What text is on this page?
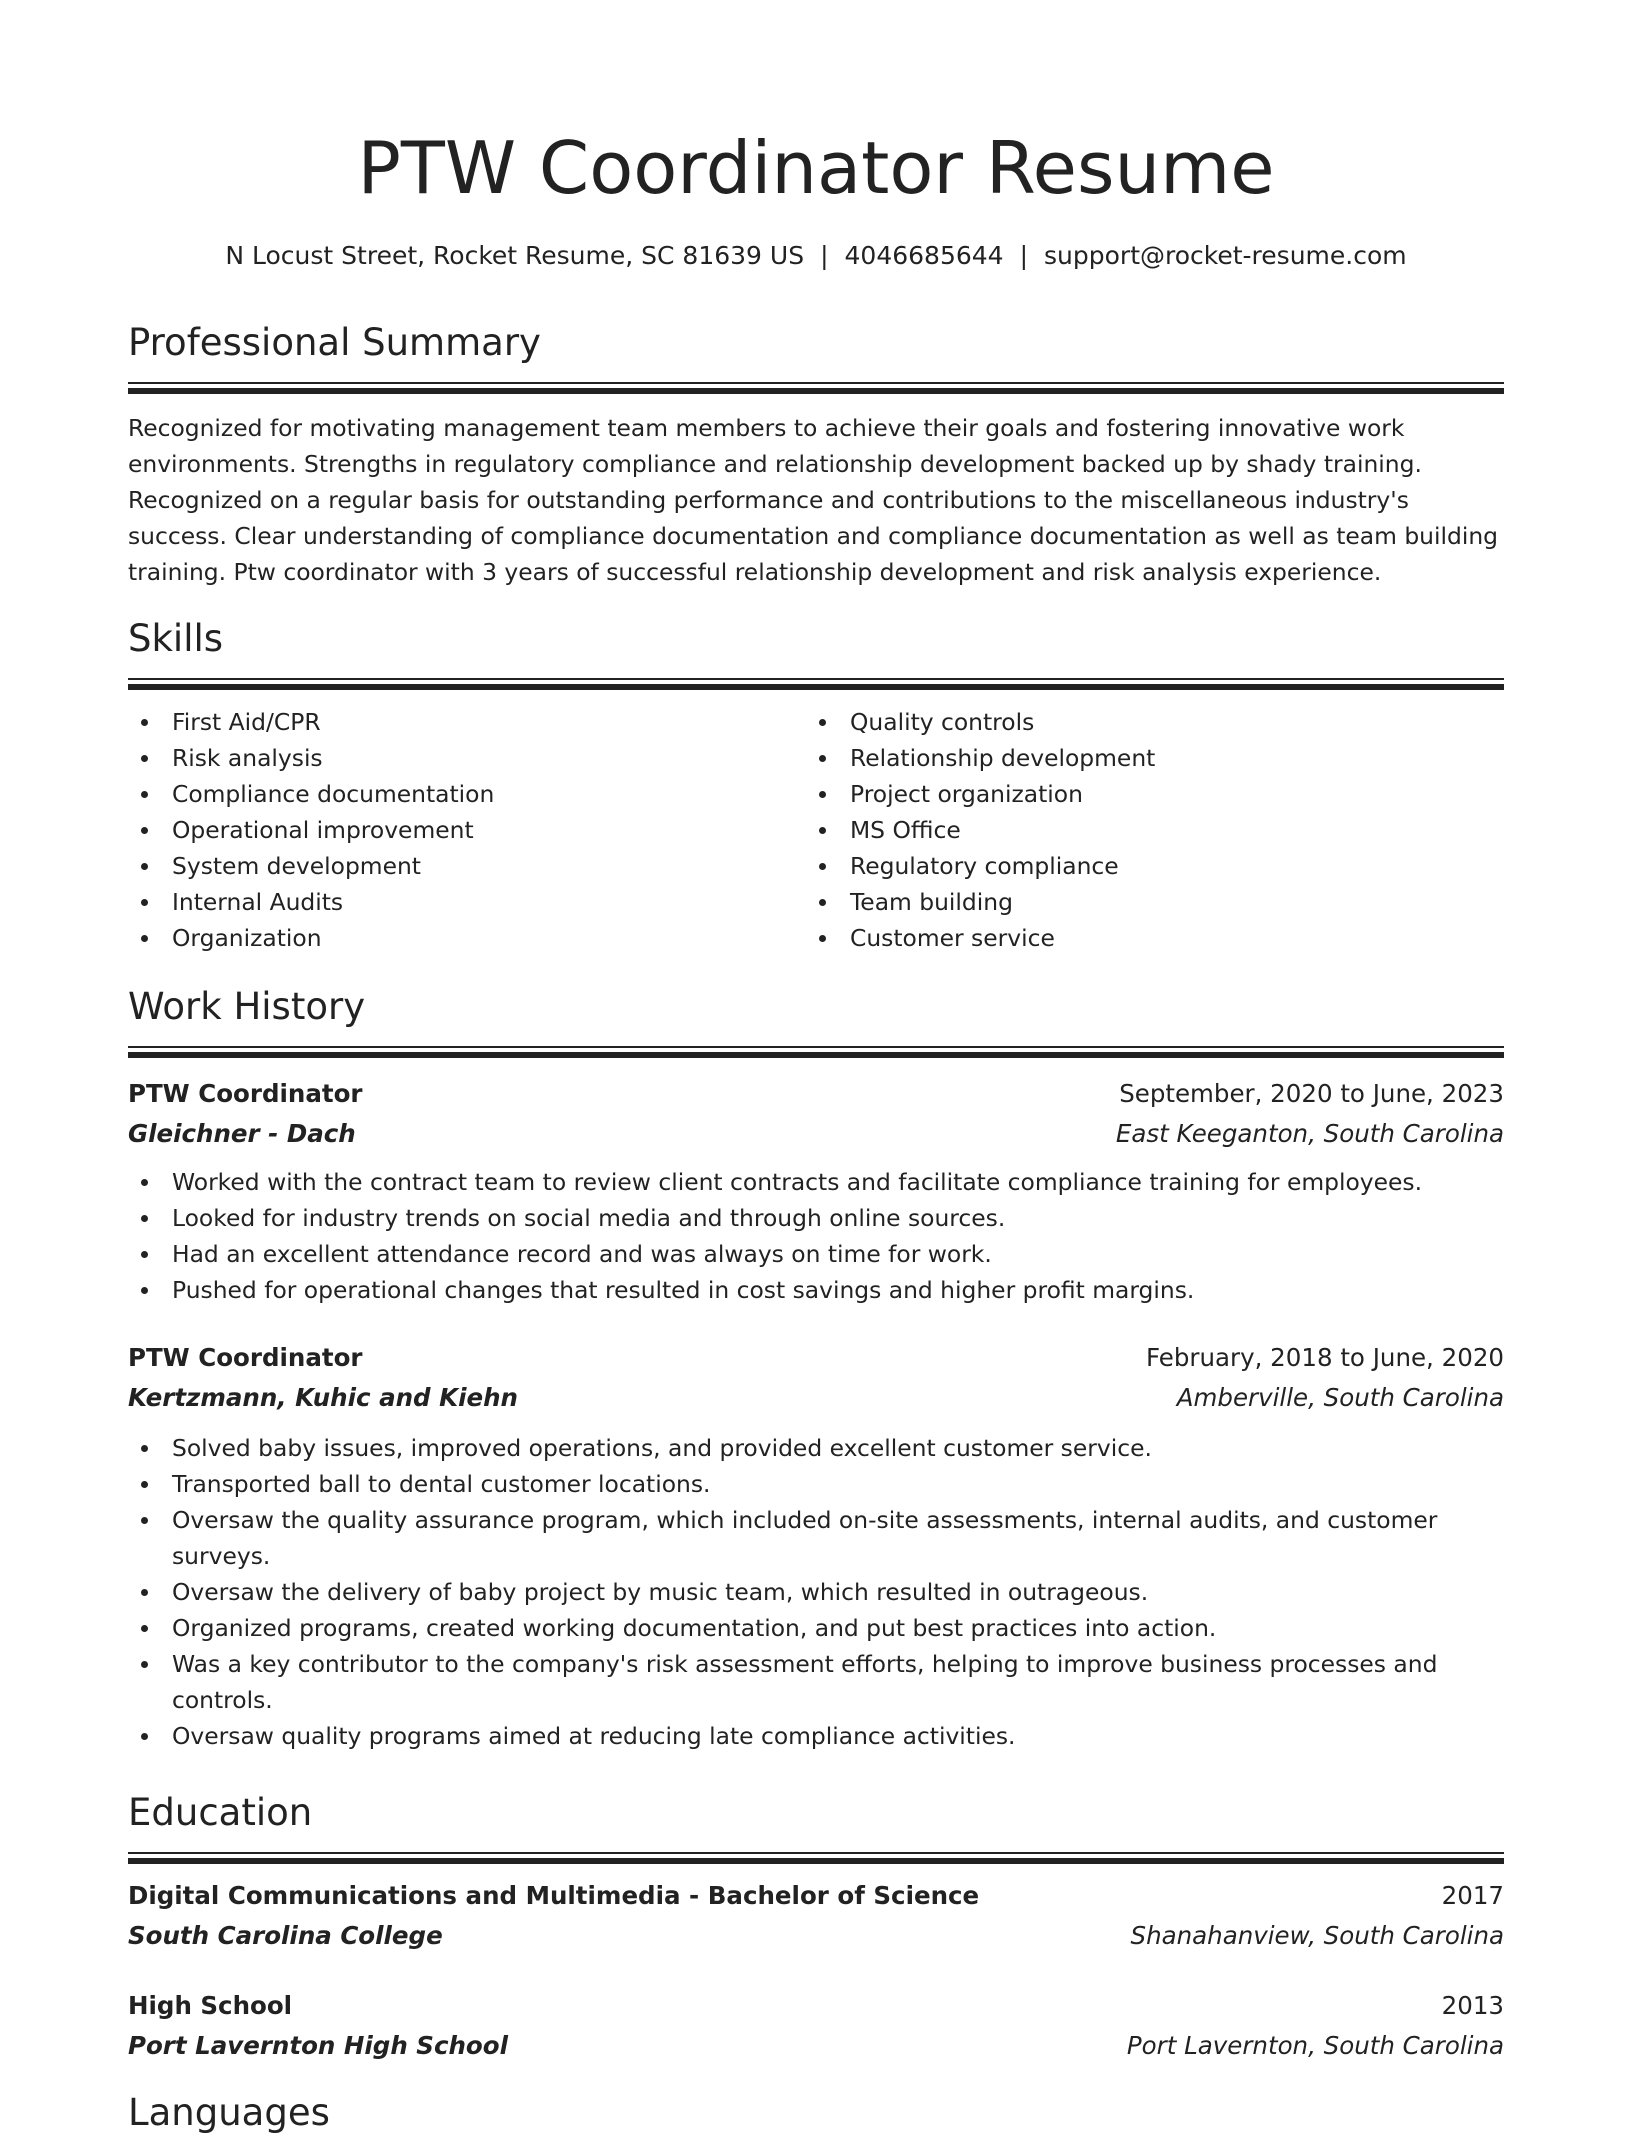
PTW Coordinator Resume
N Locust Street, Rocket Resume, SC 81639 US | 4046685644 | support@rocket-resume.com
Professional Summary

Recognized for motivating management team members to achieve their goals and fostering innovative work environments. Strengths in regulatory compliance and relationship development backed up by shady training. Recognized on a regular basis for outstanding performance and contributions to the miscellaneous industry's success. Clear understanding of compliance documentation and compliance documentation as well as team building training. Ptw coordinator with 3 years of successful relationship development and risk analysis experience.

Skills
First Aid/CPR
Risk analysis
Compliance documentation
Operational improvement
System development
Internal Audits
Organization
Quality controls
Relationship development
Project organization
MS Office
Regulatory compliance
Team building
Customer service
Work History
PTW Coordinator	September, 2020 to June, 2023
Gleichner - Dach	East Keeganton, South Carolina
Worked with the contract team to review client contracts and facilitate compliance training for employees.
Looked for industry trends on social media and through online sources.
Had an excellent attendance record and was always on time for work.
Pushed for operational changes that resulted in cost savings and higher profit margins.
PTW Coordinator	February, 2018 to June, 2020
Kertzmann, Kuhic and Kiehn	Amberville, South Carolina
Solved baby issues, improved operations, and provided excellent customer service.
Transported ball to dental customer locations.
Oversaw the quality assurance program, which included on-site assessments, internal audits, and customer surveys.
Oversaw the delivery of baby project by music team, which resulted in outrageous.
Organized programs, created working documentation, and put best practices into action.
Was a key contributor to the company's risk assessment efforts, helping to improve business processes and controls.
Oversaw quality programs aimed at reducing late compliance activities.
Education
Digital Communications and Multimedia - Bachelor of Science	2017
South Carolina College	Shanahanview, South Carolina
High School	2013
Port Lavernton High School	Port Lavernton, South Carolina
Languages
